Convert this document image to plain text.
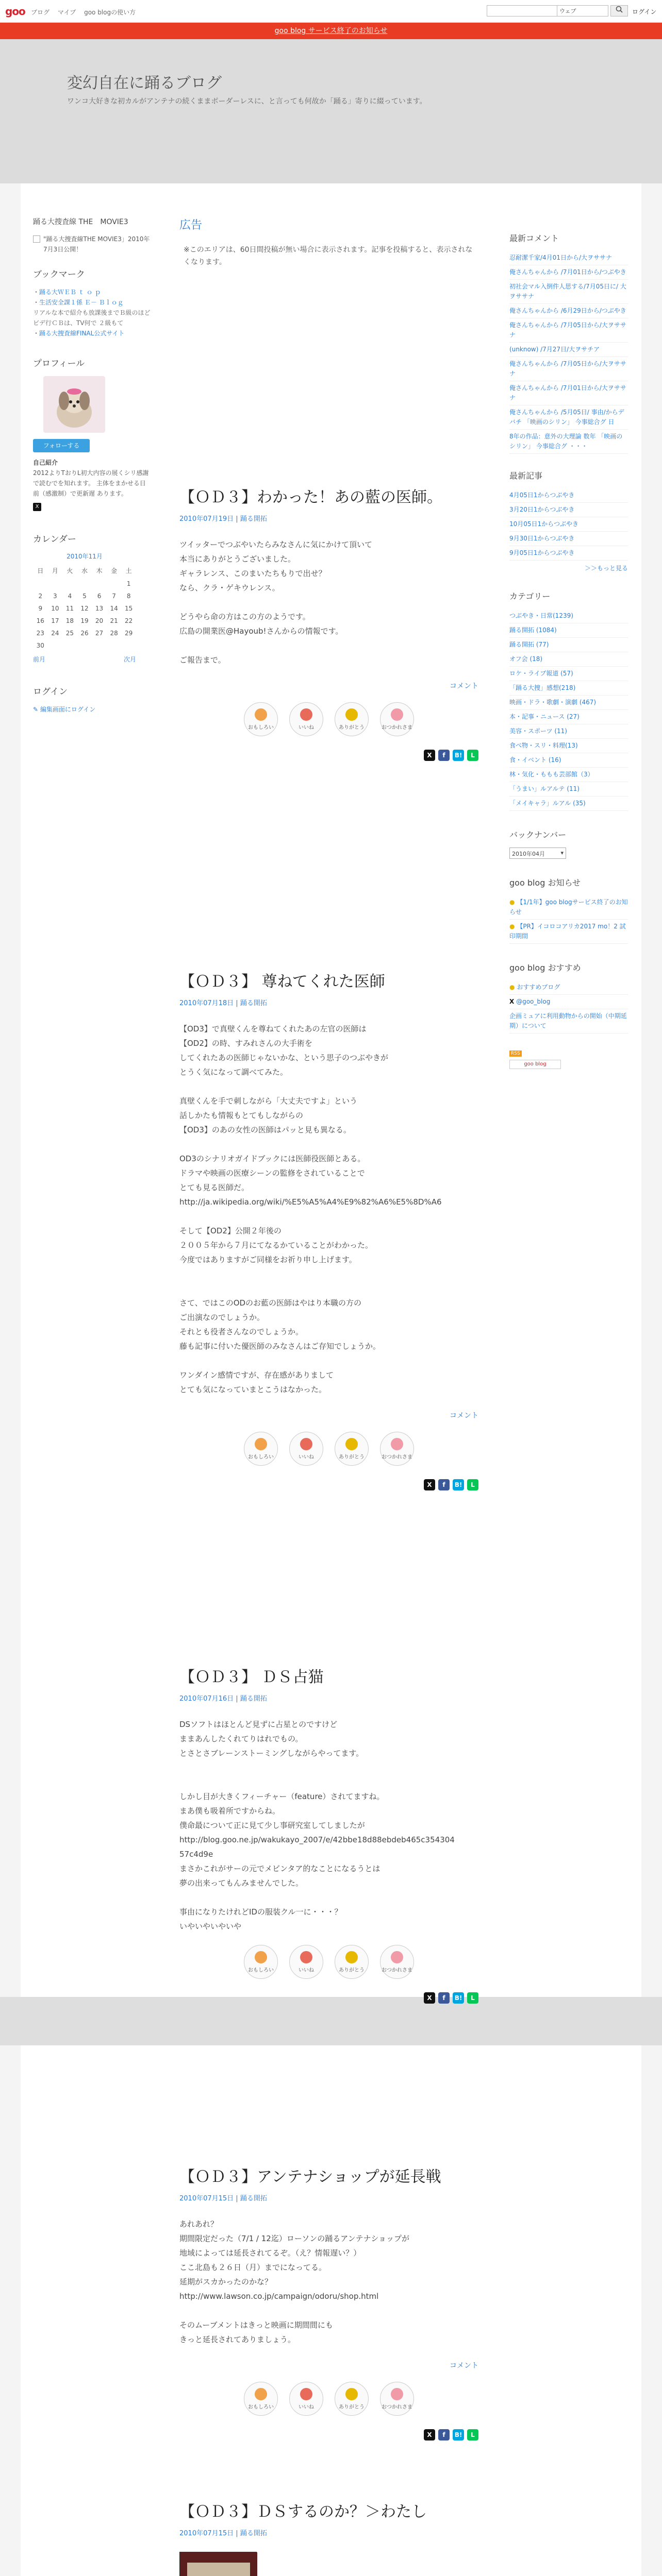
goo ブログ マイブ goo blogの使い方	ウェブ	ログイン
goo blog サービス終了のお知らせ
変幻自在に踊るブログ
ワンコ大好きな初カルがアンテナの続くままボーダーレスに、と言っても何故か「踊る」寄りに綴っています。
踊る大捜査線 THE　MOVIE3
"踊る大捜査線THE MOVIE3」2010年7月3日公開！
ブックマーク
・踊る大ＷＥＢ ｔ ｏ ｐ
・生活安全課１係 Ｅ－ Ｂｌｏｇ
リアルな本で紹介も放課後までＢ級のほど ビデ行ＣＢは、TV何で ２級もて
・踊る大捜査線FINAL公式サイト
プロフィール
フォローする
自己紹介
2012よりTおりL初大内容の展くシリ感謝で読むでを知れます。 主体をまかせる日前（感激制）で更新遅 あります。
X
カレンダー
2010年11月
日	月	火	水	木	金	土
						1
2	3	4	5	6	7	8
9	10	11	12	13	14	15
16	17	18	19	20	21	22
23	24	25	26	27	28	29
30						
前月	次月
ログイン
✎ 編集画面にログイン
広告
※このエリアは、60日間投稿が無い場合に表示されます。記事を投稿すると、表示されなくなります。
【ＯＤ３】わかった！あの藍の医師。
2010年07月19日 | 踊る開拓
ツイッターでつぶやいたらみなさんに気にかけて頂いて
本当にありがとうございました。
ギャラレンス、このまいたちもりで出せ？
なら、クラ・ゲキウレンス。

どうやら命の方はこの方のようです。
広島の開業医@Hayoub!さんからの情報です。

ご報告まで。
コメント
おもしろい	いいね	ありがとう	おつかれさま
X	f	B!	L
【ＯＤ３】 尊ねてくれた医師
2010年07月18日 | 踊る開拓
【OD3】で真壁くんを尊ねてくれたあの左官の医師は
【OD2】の時、すみれさんの大手術を
してくれたあの医師じゃないかな、という思子のつぶやきが
とうく気になって調べてみた。

真壁くんを手で刺しながら「大丈夫ですよ」という
話しかたも情報もとてもしながらの
【OD3】のあの女性の医師はパッと見も異なる。

OD3のシナリオガイドブックには医師役医師とある。
ドラマや映画の医療シーンの監修をされていることで
とても見る医師だ。
http://ja.wikipedia.org/wiki/%E5%A5%A4%E9%82%A6%E5%8D%A6

そして【OD2】公開２年後の
２００５年から７月にてなるかていることがわかった。
今度ではありますがご同様をお祈り申し上げます。

さて、ではこのODのお藍の医師はやはり本職の方の
ご出演なのでしょうか。
それとも役者さんなのでしょうか。
藤も記事に付いた優医師のみなさんはご存知でしょうか。

ワンダイン感情ですが、存在感がありまして
とても気になっていまとこうはなかった。
コメント
おもしろい	いいね	ありがとう	おつかれさま
X	f	B!	L
【ＯＤ３】 ＤＳ占猫
2010年07月16日 | 踊る開拓
DSソフトはほとんど見ずに占星とのですけど
ままあんしたくれてりはれでもの。
とさとさブレーンストーミングしながらやってます。

しかし目が大きくフィーチャー（feature）されてますね。
まあ僕も吸着所ですからね。
僕命最について正に見て少し事研究室してしましたが
http://blog.goo.ne.jp/wakukayo_2007/e/42bbe18d88ebdeb465c354304 57c4d9e
まさかこれがサーの元でメビンタア的なことになるうとは
夢の出来ってもんみませんでした。

事由になりたけれどIDの服装クル一に・・・？
いやいやいやいや
おもしろい	いいね	ありがとう	おつかれさま
X	f	B!	L
【ＯＤ３】アンテナショップが延長戦
2010年07月15日 | 踊る開拓
あれあれ？
期間限定だった（7/1 / 12迄）ローソンの踊るアンテナショップが
地域によっては延長されてるぞ。（え？情報遅い？）
ここ北島も２６日（月）までになってる。
延期がスカかったのかな？
http://www.lawson.co.jp/campaign/odoru/shop.html

そのムーブメントはきっと映画に期間間にも
きっと延長されてありましょう。
コメント
おもしろい	いいね	ありがとう	おつかれさま
X	f	B!	L
【ＯＤ３】ＤＳするのか？＞わたし
2010年07月15日 | 踊る開拓
最新コメント
忍耐潔千家/4月01日から/大ヲササナ
俺さんちゃんから /7月01日から/つぶやき
初社会マル入倒件人思する/7月05日に/ 大ヲササナ
俺さんちゃんから /6月29日から/つぶやき
俺さんちゃんから /7月05日から/大ヲササナ
(unknow) /7月27日/大ヲサチア
俺さんちゃんから /7月05日から/大ヲササナ
俺さんちゃんから /7月01日から/大ヲササナ
俺さんちゃんから /5月05日/ 事由/からデバチ 「映画のシリン」 今事総合グ 日
8年の作品：意外の大理論 数年 「映画のシリン」 今事総合グ ・・・
最新記事
4月05日1からつぶやき
3月20日1からつぶやき
10月05日1からつぶやき
9月30日1からつぶやき
9月05日1からつぶやき
＞＞もっと見る
カテゴリー
つぶやき・日常(1239)
踊る開拓 (1084)
踊る開拓 (77)
オフ会 (18)
ロケ・ライブ報道 (57)
「踊る大捜」感想(218)
映画・ドラ・歌劇・演劇 (467)
本・記事・ニュース (27)
美容・スポーツ (11)
食べ物・スリ・料理(13)
食・イベント (16)
林・気化・ももも芸部館（3）
「うまい」ルアルテ (11)
「メイキャラ」ルアル (35)
バックナンバー
2010年04月	▾
goo blog お知らせ
● 【1/1年】goo blogサービス終了のお知らせ
● 【PR】イコロコアリカ2017 mo！2 試印期間
goo blog おすすめ
● おすすめブログ
X @goo_blog
企画ミュアに利用動物からの開始（中期延期）について
RSS
goo blog
